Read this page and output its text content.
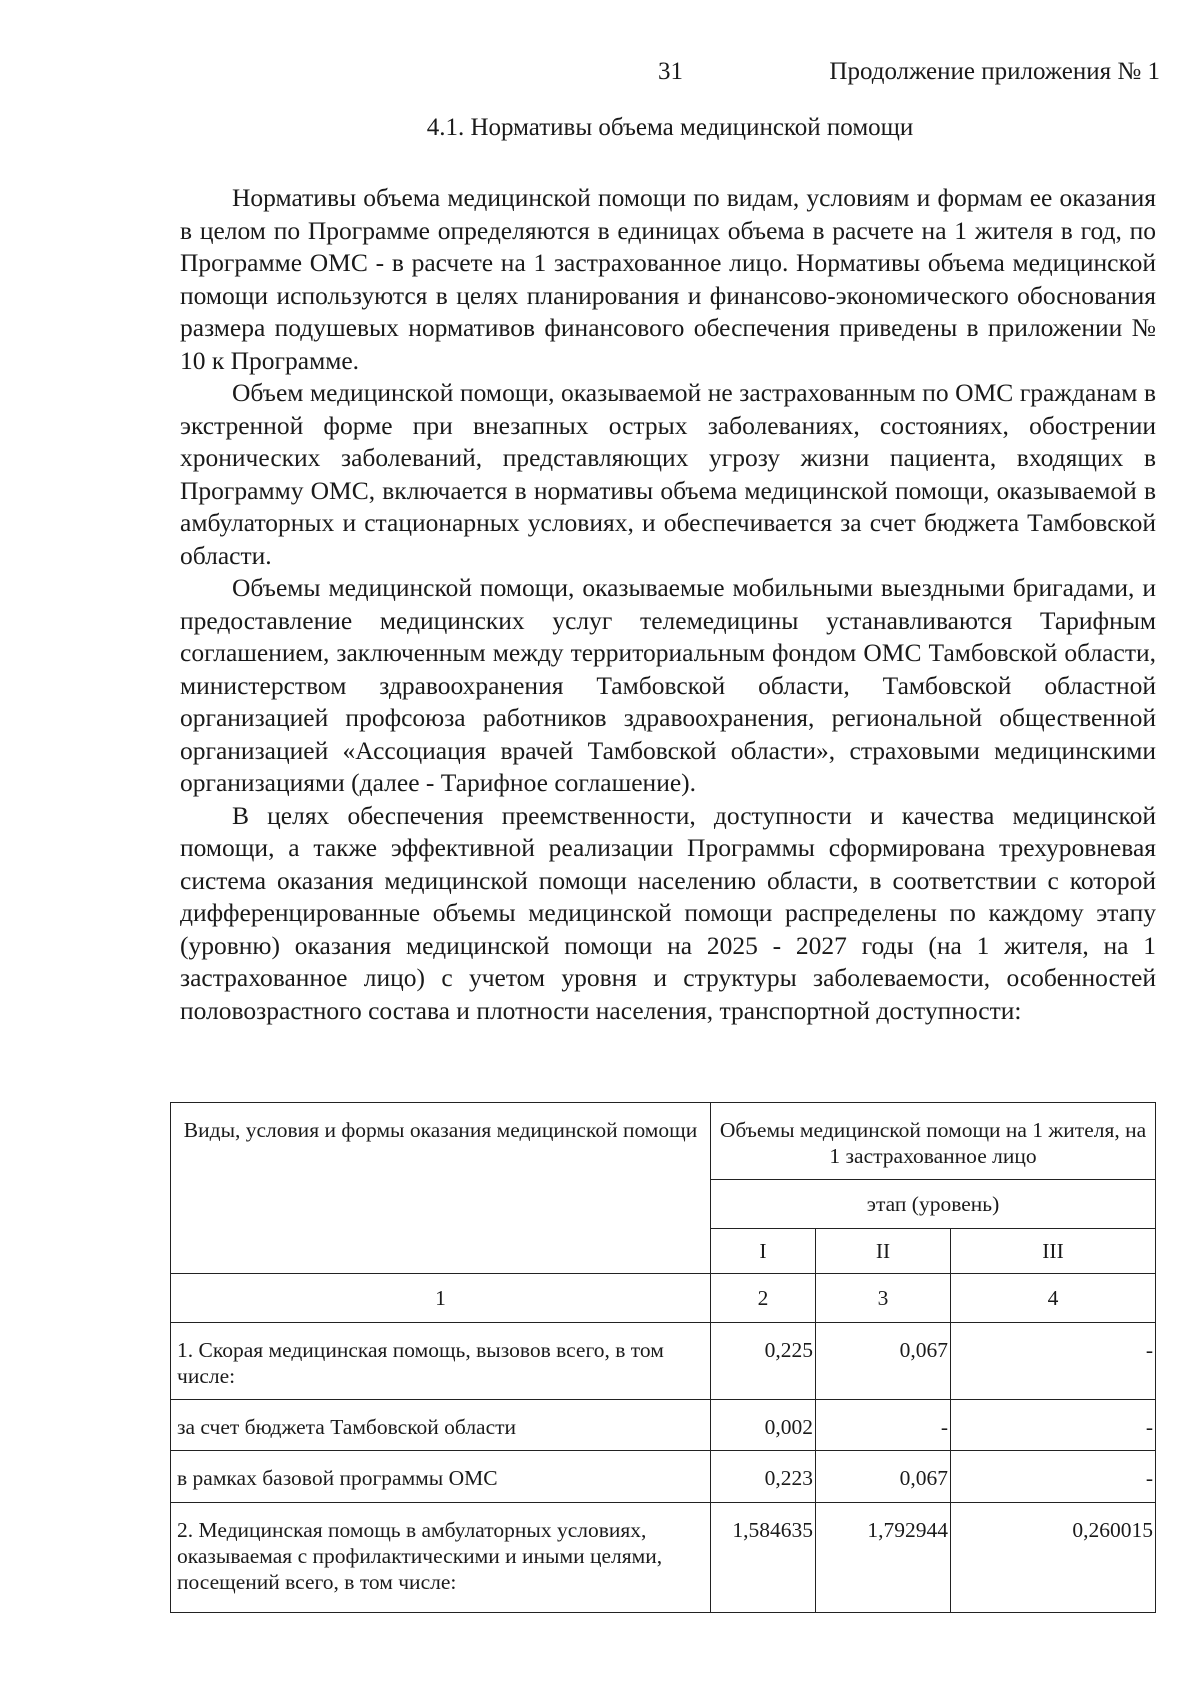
31	Продолжение приложения № 1
4.1. Нормативы объема медицинской помощи

Нормативы объема медицинской помощи по видам, условиям и формам ее оказания в целом по Программе определяются в единицах объема в расчете на 1 жителя в год, по Программе ОМС - в расчете на 1 застрахованное лицо. Нормативы объема медицинской помощи используются в целях планирования и финансово-экономического обоснования размера подушевых нормативов финансового обеспечения приведены в приложении № 10 к Программе.

Объем медицинской помощи, оказываемой не застрахованным по ОМС гражданам в экстренной форме при внезапных острых заболеваниях, состояниях, обострении хронических заболеваний, представляющих угрозу жизни пациента, входящих в Программу ОМС, включается в нормативы объема медицинской помощи, оказываемой в амбулаторных и стационарных условиях, и обеспечивается за счет бюджета Тамбовской области.

Объемы медицинской помощи, оказываемые мобильными выездными бригадами, и предоставление медицинских услуг телемедицины устанавливаются Тарифным соглашением, заключенным между территориальным фондом ОМС Тамбовской области, министерством здравоохранения Тамбовской области, Тамбовской областной организацией профсоюза работников здравоохранения, региональной общественной организацией «Ассоциация врачей Тамбовской области», страховыми медицинскими организациями (далее - Тарифное соглашение).

В целях обеспечения преемственности, доступности и качества медицинской помощи, а также эффективной реализации Программы сформирована трехуровневая система оказания медицинской помощи населению области, в соответствии с которой дифференцированные объемы медицинской помощи распределены по каждому этапу (уровню) оказания медицинской помощи на 2025 - 2027 годы (на 1 жителя, на 1 застрахованное лицо) с учетом уровня и структуры заболеваемости, особенностей половозрастного состава и плотности населения, транспортной доступности:

Виды, условия и формы оказания медицинской помощи	Объемы медицинской помощи на 1 жителя, на 1 застрахованное лицо		
	этап (уровень)		
	I	II	III
1	2	3	4
1. Скорая медицинская помощь, вызовов всего, в том числе:	0,225	0,067	-
за счет бюджета Тамбовской области	0,002	-	-
в рамках базовой программы ОМС	0,223	0,067	-
2. Медицинская помощь в амбулаторных условиях, оказываемая с профилактическими и иными целями, посещений всего, в том числе:	1,584635	1,792944	0,260015
